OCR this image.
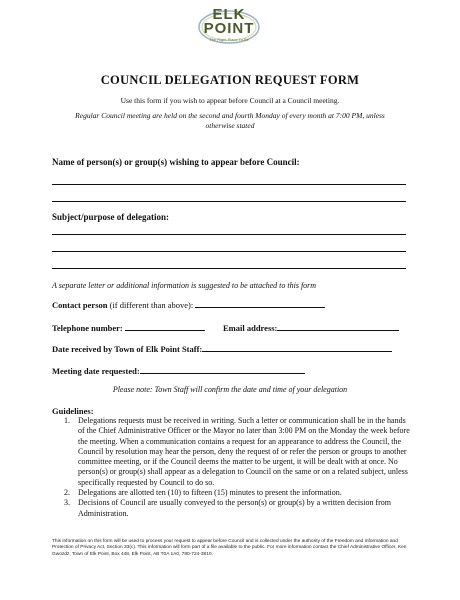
ELK POINT
The Right Place To Be
COUNCIL DELEGATION REQUEST FORM
Use this form if you wish to appear before Council at a Council meeting.
Regular Council meeting are held on the second and fourth Monday of every month at 7:00 PM, unless otherwise stated
Name of person(s) or group(s) wishing to appear before Council:
Subject/purpose of delegation:
A separate letter or additional information is suggested to be attached to this form
Contact person (if different than above):
Telephone number:	Email address:
Date received by Town of Elk Point Staff:
Meeting date requested:
Please note: Town Staff will confirm the date and time of your delegation
Guidelines:
1. Delegations requests must be received in writing. Such a letter or communication shall be in the hands of the Chief Administrative Officer or the Mayor no later than 3:00 PM on the Monday the week before the meeting. When a communication contains a request for an appearance to address the Council, the Council by resolution may hear the person, deny the request of or refer the person or groups to another committee meeting, or if the Council deems the matter to be urgent, it will be dealt with at once. No person(s) or group(s) shall appear as a delegation to Council on the same or on a related subject, unless specifically requested by Council to do so.
2. Delegations are allotted ten (10) to fifteen (15) minutes to present the information.
3. Decisions of Council are usually conveyed to the person(s) or group(s) by a written decision from Administration.
This information on this form will be used to process your request to appear before Council and is collected under the authority of the Freedom and Information and Protection of Privacy Act, Section 33(c). This information will form part of a file available to the public. For more information contact the Chief Administrative Officer, Ken Gwozdz, Town of Elk Point, Box 448, Elk Point, AB T0A 1A0, 780-724-3810.
